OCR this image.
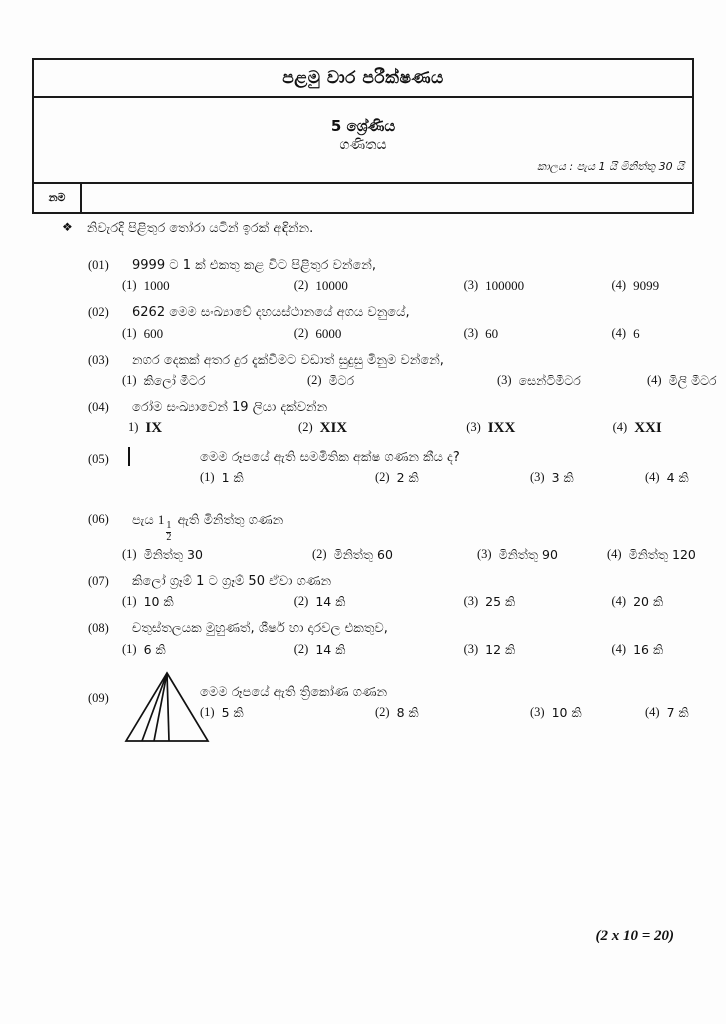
පළමු වාර පරීක්ෂණය
5 ශ්‍රේණිය
ගණිතය
කාලය : පැය 1 යි මිනිත්තු 30 යි
නම
❖ නිවැරදි පිළිතුර තෝරා යටින් ඉරක් අඳින්න.
(01)	9999 ට 1 ක් එකතු කළ විට පිළිතුර වන්නේ,
(1) 1000	(2) 10000	(3) 100000	(4) 9099
(02)	6262 මෙම සංඛ්‍යාවේ දහයස්ථානයේ අගය වනුයේ,
(1) 600	(2) 6000	(3) 60	(4) 6
(03)	නගර දෙකක් අතර දුර දැක්වීමට වඩාත් සුදුසු මිනුම වන්නේ,
(1) කිලෝ මීටර	(2) මීටර	(3) සෙන්ටිමීටර	(4) මිලි මීටර
(04)	රෝම සංඛ්‍යාවෙන් 19 ලියා දක්වන්න
1) IX	(2) XIX	(3) IXX	(4) XXI
(05)	මෙම රූපයේ ඇති සමමිතික අක්ෂ ගණන කීය ද?
(1) 1 කි	(2) 2 කි	(3) 3 කි	(4) 4 කි
(06)	පැය 1
$\frac{1}{2}$
ඇති මිනිත්තු ගණන
(1) මිනිත්තු 30	(2) මිනිත්තු 60	(3) මිනිත්තු 90	(4) මිනිත්තු 120
(07)	කිලෝ ග්‍රෑම් 1 ට ග්‍රෑම් 50 ඒවා ගණන
(1) 10 කි	(2) 14 කි	(3) 25 කි	(4) 20 කි
(08)	චතුස්තලයක මුහුණත්, ශීර්ෂ හා දාරවල එකතුව,
(1) 6 කි	(2) 14 කි	(3) 12 කි	(4) 16 කි
(09)	මෙම රූපයේ ඇති ත්‍රිකෝණ ගණන
(1) 5 කි	(2) 8 කි	(3) 10 කි	(4) 7 කි
(2 x 10 = 20)
